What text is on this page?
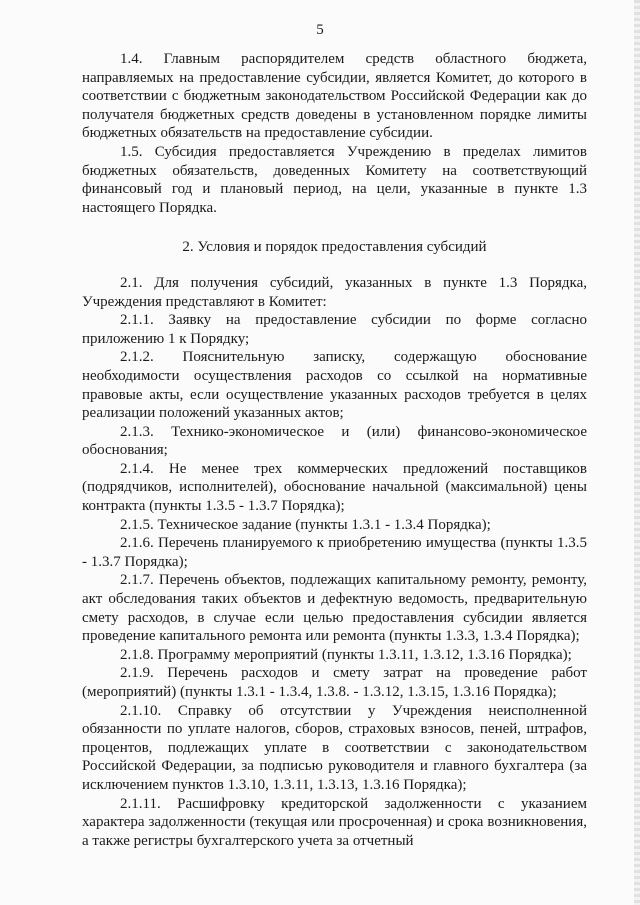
5

1.4. Главным распорядителем средств областного бюджета, направляемых на предоставление субсидии, является Комитет, до которого в соответствии с бюджетным законодательством Российской Федерации как до получателя бюджетных средств доведены в установленном порядке лимиты бюджетных обязательств на предоставление субсидии.

1.5. Субсидия предоставляется Учреждению в пределах лимитов бюджетных обязательств, доведенных Комитету на соответствующий финансовый год и плановый период, на цели, указанные в пункте 1.3 настоящего Порядка.

2. Условия и порядок предоставления субсидий

2.1. Для получения субсидий, указанных в пункте 1.3 Порядка, Учреждения представляют в Комитет:

2.1.1. Заявку на предоставление субсидии по форме согласно приложению 1 к Порядку;

2.1.2. Пояснительную записку, содержащую обоснование необходимости осуществления расходов со ссылкой на нормативные правовые акты, если осуществление указанных расходов требуется в целях реализации положений указанных актов;

2.1.3. Технико-экономическое и (или) финансово-экономическое обоснования;

2.1.4. Не менее трех коммерческих предложений поставщиков (подрядчиков, исполнителей), обоснование начальной (максимальной) цены контракта (пункты 1.3.5 - 1.3.7 Порядка);

2.1.5. Техническое задание (пункты 1.3.1 - 1.3.4 Порядка);

2.1.6. Перечень планируемого к приобретению имущества (пункты 1.3.5 - 1.3.7 Порядка);

2.1.7. Перечень объектов, подлежащих капитальному ремонту, ремонту, акт обследования таких объектов и дефектную ведомость, предварительную смету расходов, в случае если целью предоставления субсидии является проведение капитального ремонта или ремонта (пункты 1.3.3, 1.3.4 Порядка);

2.1.8. Программу мероприятий (пункты 1.3.11, 1.3.12, 1.3.16 Порядка);

2.1.9. Перечень расходов и смету затрат на проведение работ (мероприятий) (пункты 1.3.1 - 1.3.4, 1.3.8. - 1.3.12, 1.3.15, 1.3.16 Порядка);

2.1.10. Справку об отсутствии у Учреждения неисполненной обязанности по уплате налогов, сборов, страховых взносов, пеней, штрафов, процентов, подлежащих уплате в соответствии с законодательством Российской Федерации, за подписью руководителя и главного бухгалтера (за исключением пунктов 1.3.10, 1.3.11, 1.3.13, 1.3.16 Порядка);

2.1.11. Расшифровку кредиторской задолженности с указанием характера задолженности (текущая или просроченная) и срока возникновения, а также регистры бухгалтерского учета за отчетный
